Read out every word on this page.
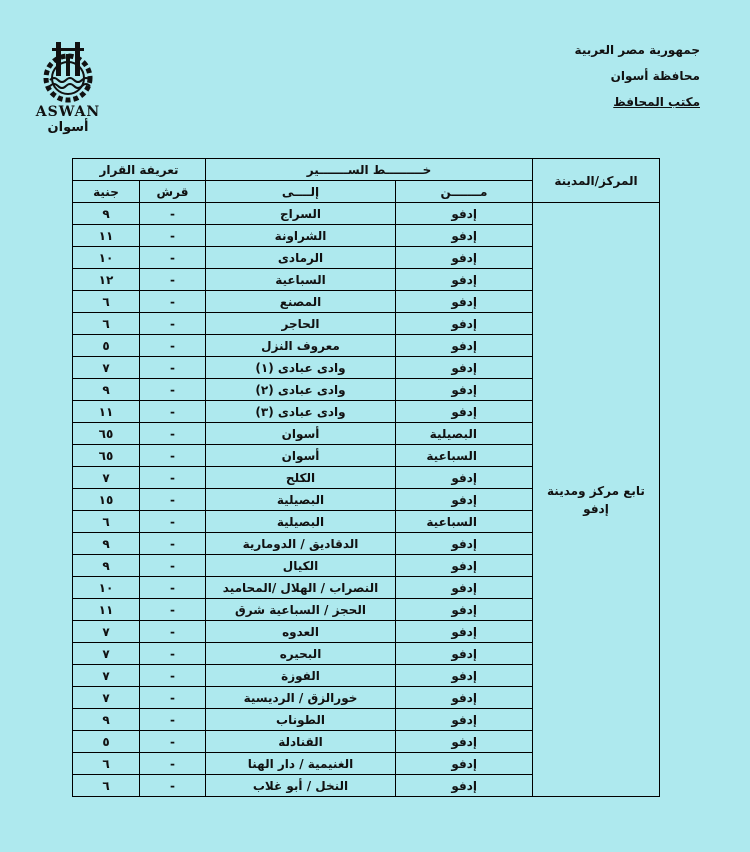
ASWAN
أسوان
جمهورية مصر العربية
محافظة أسوان
مكتب المحافظ
المركز/المدينة	خـــــــــط الســـــــير		تعريفة القرار	
	مـــــــن	إلــــى	قرش	جنية
تابع مركز ومدينة إدفو	إدفو	السراج	-	٩
	إدفو	الشراونة	-	١١
	إدفو	الرمادى	-	١٠
	إدفو	السباعية	-	١٢
	إدفو	المصنع	-	٦
	إدفو	الحاجر	-	٦
	إدفو	معروف النزل	-	٥
	إدفو	وادى عبادى (١)	-	٧
	إدفو	وادى عبادى (٢)	-	٩
	إدفو	وادى عبادى (٣)	-	١١
	البصيلية	أسوان	-	٦٥
	السباعية	أسوان	-	٦٥
	إدفو	الكلح	-	٧
	إدفو	البصيلية	-	١٥
	السباعية	البصيلية	-	٦
	إدفو	الدقاديق / الدومارية	-	٩
	إدفو	الكيال	-	٩
	إدفو	النصراب / الهلال /المحاميد	-	١٠
	إدفو	الحجز / السباعية شرق	-	١١
	إدفو	العدوه	-	٧
	إدفو	البحيره	-	٧
	إدفو	الفوزة	-	٧
	إدفو	خورالزق / الرديسية	-	٧
	إدفو	الطوناب	-	٩
	إدفو	القنادلة	-	٥
	إدفو	الغنيمية / دار الهنا	-	٦
	إدفو	النخل / أبو غلاب	-	٦
